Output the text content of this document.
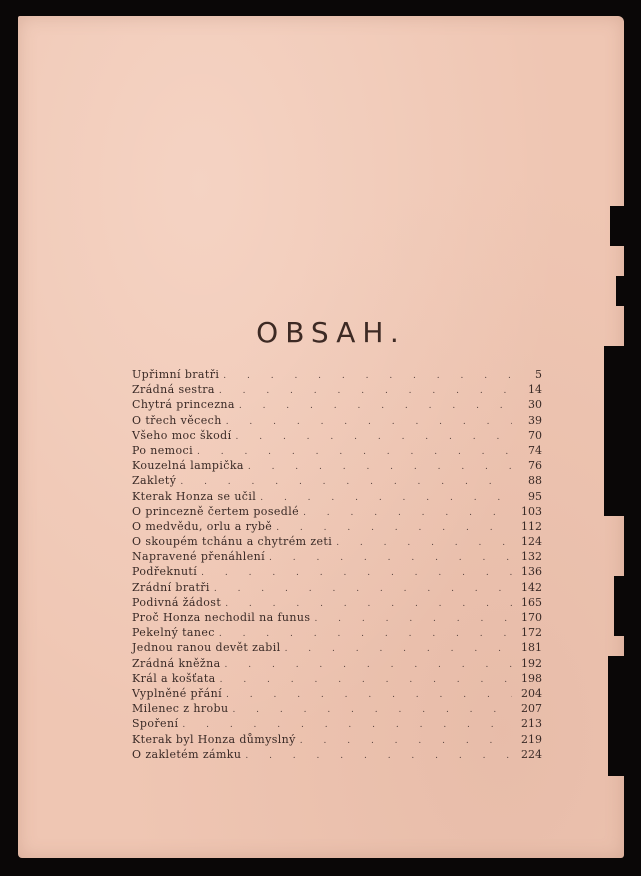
OBSAH.
Upřimní bratři . . .	5
Zrádná sestra . . .	14
Chytrá princezna . . .	30
O třech věcech . . .	39
Všeho moc škodí . . .	70
Po nemoci . . .	74
Kouzelná lampička . . .	76
Zakletý . . .	88
Kterak Honza se učil . . .	95
O princezně čertem posedlé . . .	103
O medvědu, orlu a rybě . . .	112
O skoupém tchánu a chytrém zeti . . .	124
Napravené přenáhlení . . .	132
Podřeknutí . . .	136
Zrádní bratři . . .	142
Podivná žádost . . .	165
Proč Honza nechodil na funus . . .	170
Pekelný tanec . . .	172
Jednou ranou devět zabil . . .	181
Zrádná kněžna . . .	192
Král a košťata . . .	198
Vyplněné přání . . .	204
Milenec z hrobu . . .	207
Spoření . . .	213
Kterak byl Honza důmyslný . . .	219
O zakletém zámku . . .	224
